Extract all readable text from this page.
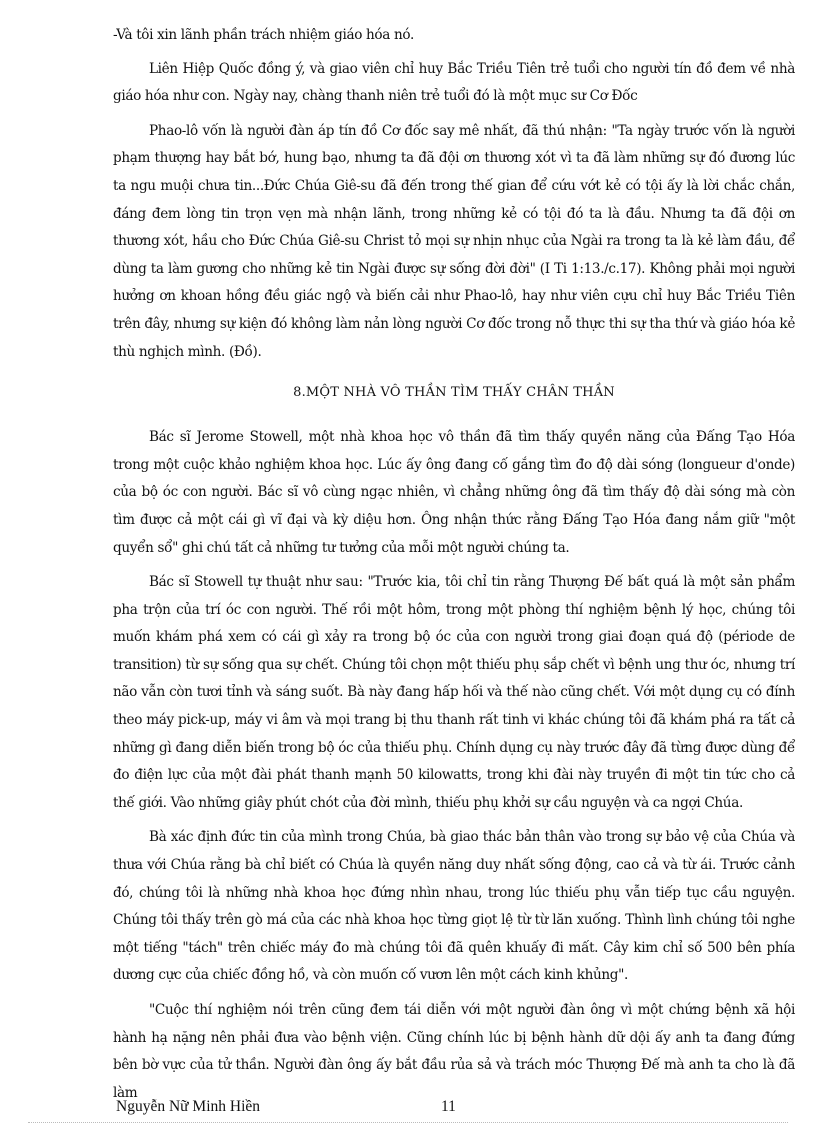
-Và tôi xin lãnh phần trách nhiệm giáo hóa nó.

Liên Hiệp Quốc đồng ý, và giao viên chỉ huy Bắc Triều Tiên trẻ tuổi cho người tín đồ đem về nhà giáo hóa như con. Ngày nay, chàng thanh niên trẻ tuổi đó là một mục sư Cơ Đốc

Phao-lô vốn là người đàn áp tín đồ Cơ đốc say mê nhất, đã thú nhận: "Ta ngày trước vốn là người phạm thượng hay bắt bớ, hung bạo, nhưng ta đã đội ơn thương xót vì ta đã làm những sự đó đương lúc ta ngu muội chưa tin...Đức Chúa Giê-su đã đến trong thế gian để cứu vớt kẻ có tội ấy là lời chắc chắn, đáng đem lòng tin trọn vẹn mà nhận lãnh, trong những kẻ có tội đó ta là đầu. Nhưng ta đã đội ơn thương xót, hầu cho Đức Chúa Giê-su Christ tỏ mọi sự nhịn nhục của Ngài ra trong ta là kẻ làm đầu, để dùng ta làm gương cho những kẻ tin Ngài được sự sống đời đời" (I Ti 1:13./c.17). Không phải mọi người hưởng ơn khoan hồng đều giác ngộ và biến cải như Phao-lô, hay như viên cựu chỉ huy Bắc Triều Tiên trên đây, nhưng sự kiện đó không làm nản lòng người Cơ đốc trong nỗ thực thi sự tha thứ và giáo hóa kẻ thù nghịch mình. (Đồ).

8.MỘT NHÀ VÔ THẦN TÌM THẤY CHÂN THẦN

Bác sĩ Jerome Stowell, một nhà khoa học vô thần đã tìm thấy quyền năng của Đấng Tạo Hóa trong một cuộc khảo nghiệm khoa học. Lúc ấy ông đang cố gắng tìm đo độ dài sóng (longueur d'onde) của bộ óc con người. Bác sĩ vô cùng ngạc nhiên, vì chẳng những ông đã tìm thấy độ dài sóng mà còn tìm được cả một cái gì vĩ đại và kỳ diệu hơn. Ông nhận thức rằng Đấng Tạo Hóa đang nắm giữ "một quyển sổ" ghi chú tất cả những tư tưởng của mỗi một người chúng ta.

Bác sĩ Stowell tự thuật như sau: "Trước kia, tôi chỉ tin rằng Thượng Đế bất quá là một sản phẩm pha trộn của trí óc con người. Thế rồi một hôm, trong một phòng thí nghiệm bệnh lý học, chúng tôi muốn khám phá xem có cái gì xảy ra trong bộ óc của con người trong giai đoạn quá độ (période de transition) từ sự sống qua sự chết. Chúng tôi chọn một thiếu phụ sắp chết vì bệnh ung thư óc, nhưng trí não vẫn còn tươi tỉnh và sáng suốt. Bà này đang hấp hối và thế nào cũng chết. Với một dụng cụ có đính theo máy pick-up, máy vi âm và mọi trang bị thu thanh rất tinh vi khác chúng tôi đã khám phá ra tất cả những gì đang diễn biến trong bộ óc của thiếu phụ. Chính dụng cụ này trước đây đã từng được dùng để đo điện lực của một đài phát thanh mạnh 50 kilowatts, trong khi đài này truyền đi một tin tức cho cả thế giới. Vào những giây phút chót của đời mình, thiếu phụ khởi sự cầu nguyện và ca ngợi Chúa.

Bà xác định đức tin của mình trong Chúa, bà giao thác bản thân vào trong sự bảo vệ của Chúa và thưa với Chúa rằng bà chỉ biết có Chúa là quyền năng duy nhất sống động, cao cả và từ ái. Trước cảnh đó, chúng tôi là những nhà khoa học đứng nhìn nhau, trong lúc thiếu phụ vẫn tiếp tục cầu nguyện. Chúng tôi thấy trên gò má của các nhà khoa học từng giọt lệ từ từ lăn xuống. Thình lình chúng tôi nghe một tiếng "tách" trên chiếc máy đo mà chúng tôi đã quên khuấy đi mất. Cây kim chỉ số 500 bên phía dương cực của chiếc đồng hồ, và còn muốn cố vươn lên một cách kinh khủng".

"Cuộc thí nghiệm nói trên cũng đem tái diễn với một người đàn ông vì một chứng bệnh xã hội hành hạ nặng nên phải đưa vào bệnh viện. Cũng chính lúc bị bệnh hành dữ dội ấy anh ta đang đứng bên bờ vực của tử thần. Người đàn ông ấy bắt đầu rủa sả và trách móc Thượng Đế mà anh ta cho là đã làm

Nguyễn Nữ Minh Hiền	11
